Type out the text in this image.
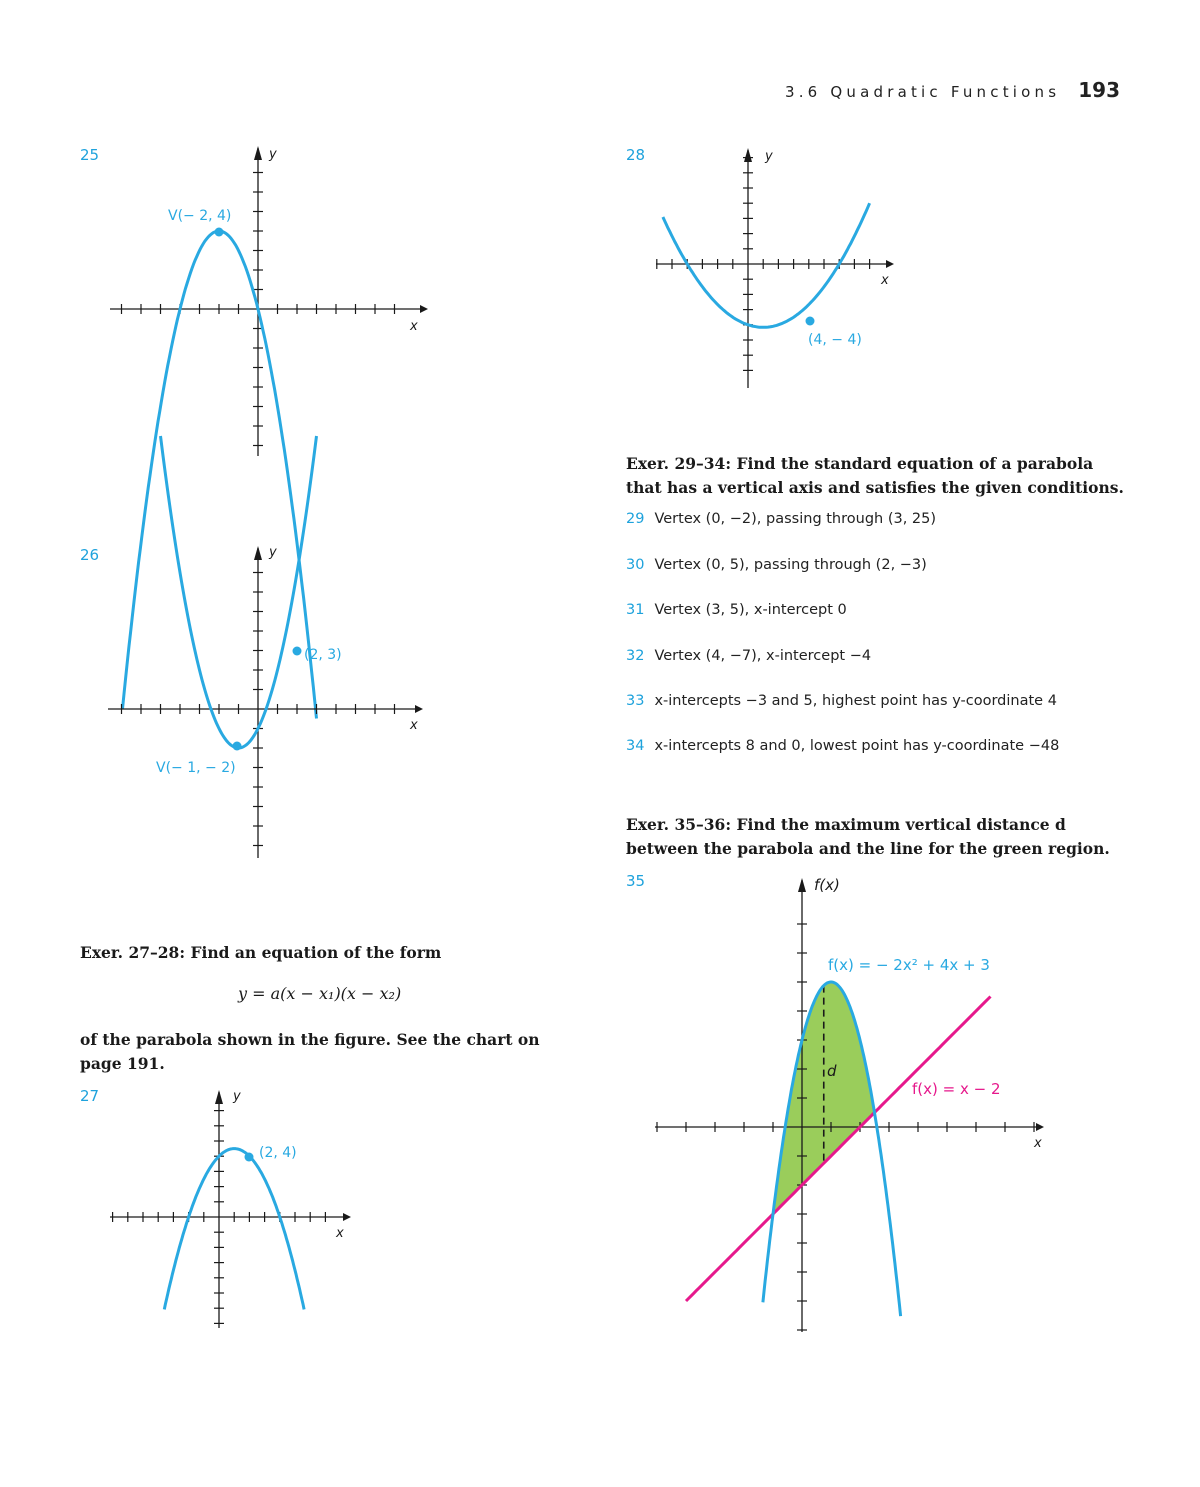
3.6 Quadratic Functions 193
25
26
27
28
35
V(− 2, 4)
x
y
(2, 3)
V(− 1, − 2)
x
y
(2, 4)
x
y
(4, − 4)
x
y
f(x)
x
f(x) = − 2x² + 4x + 3
f(x) = x − 2
d

Exer. 27–28: Find an equation of the form

y = a(x − x₁)(x − x₂)

of the parabola shown in the figure. See the chart on page 191.

Exer. 29–34: Find the standard equation of a parabola that has a vertical axis and satisfies the given conditions.

29 Vertex (0, −2), passing through (3, 25)
30 Vertex (0, 5), passing through (2, −3)
31 Vertex (3, 5), x-intercept 0
32 Vertex (4, −7), x-intercept −4
33 x-intercepts −3 and 5, highest point has y-coordinate 4
34 x-intercepts 8 and 0, lowest point has y-coordinate −48

Exer. 35–36: Find the maximum vertical distance d between the parabola and the line for the green region.
